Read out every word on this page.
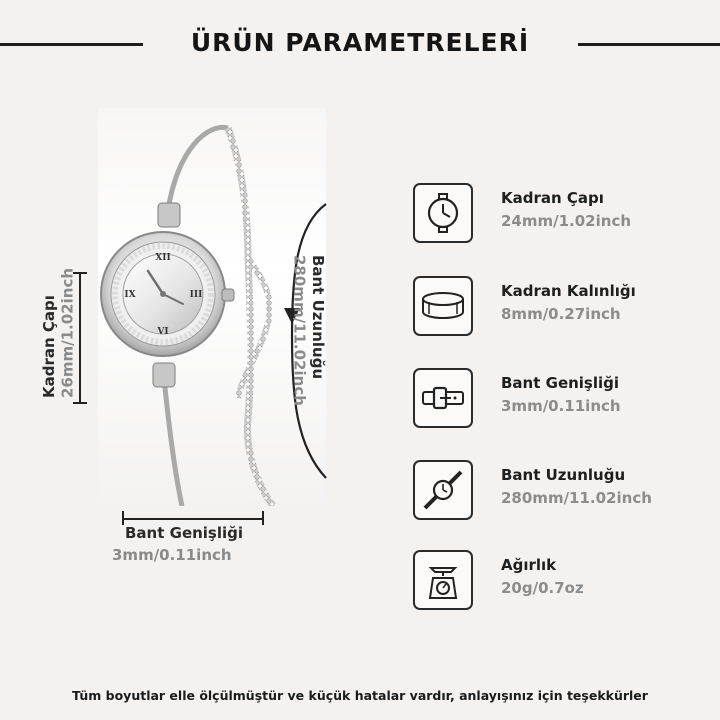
ÜRÜN PARAMETRELERİ
XII
III
VI
IX
Kadran Çapı 26mm/1.02inch	Bant Uzunluğu 280mm/11.02inch
Bant Genişliği
3mm/0.11inch
Kadran Çapı
24mm/1.02inch
Kadran Kalınlığı
8mm/0.27inch
Bant Genişliği
3mm/0.11inch
Bant Uzunluğu
280mm/11.02inch
Ağırlık
20g/0.7oz
Tüm boyutlar elle ölçülmüştür ve küçük hatalar vardır, anlayışınız için teşekkürler
